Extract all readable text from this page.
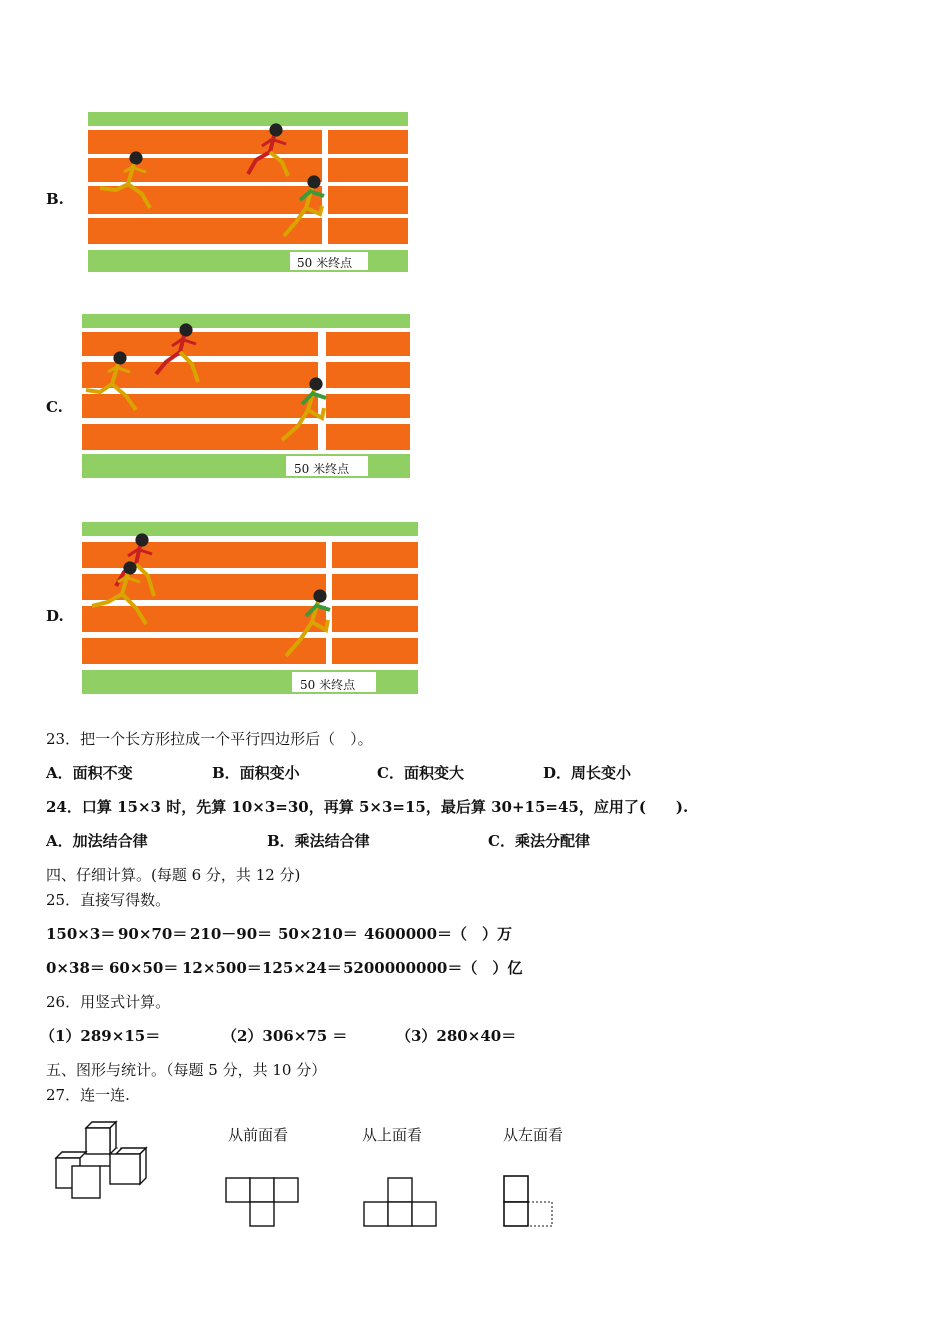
B.
50 米终点
C.
50 米终点
D.
50 米终点
23．把一个长方形拉成一个平行四边形后（　）。
A．面积不变	B．面积变小	C．面积变大	D．周长变小
24．口算 15×3 时，先算 10×3=30，再算 5×3=15，最后算 30+15=45，应用了(　　).
A．加法结合律	B．乘法结合律	C．乘法分配律
四、仔细计算。(每题 6 分，共 12 分)
25．直接写得数。
150×3＝ 90×70＝ 210－90＝ 50×210＝ 4600000＝（　）万
0×38＝ 60×50＝ 12×500＝ 125×24＝ 5200000000＝（　）亿
26．用竖式计算。
（1）289×15＝	（2）306×75 ＝	（3）280×40＝
五、图形与统计。（每题 5 分，共 10 分）
27．连一连.
从前面看	从上面看	从左面看
